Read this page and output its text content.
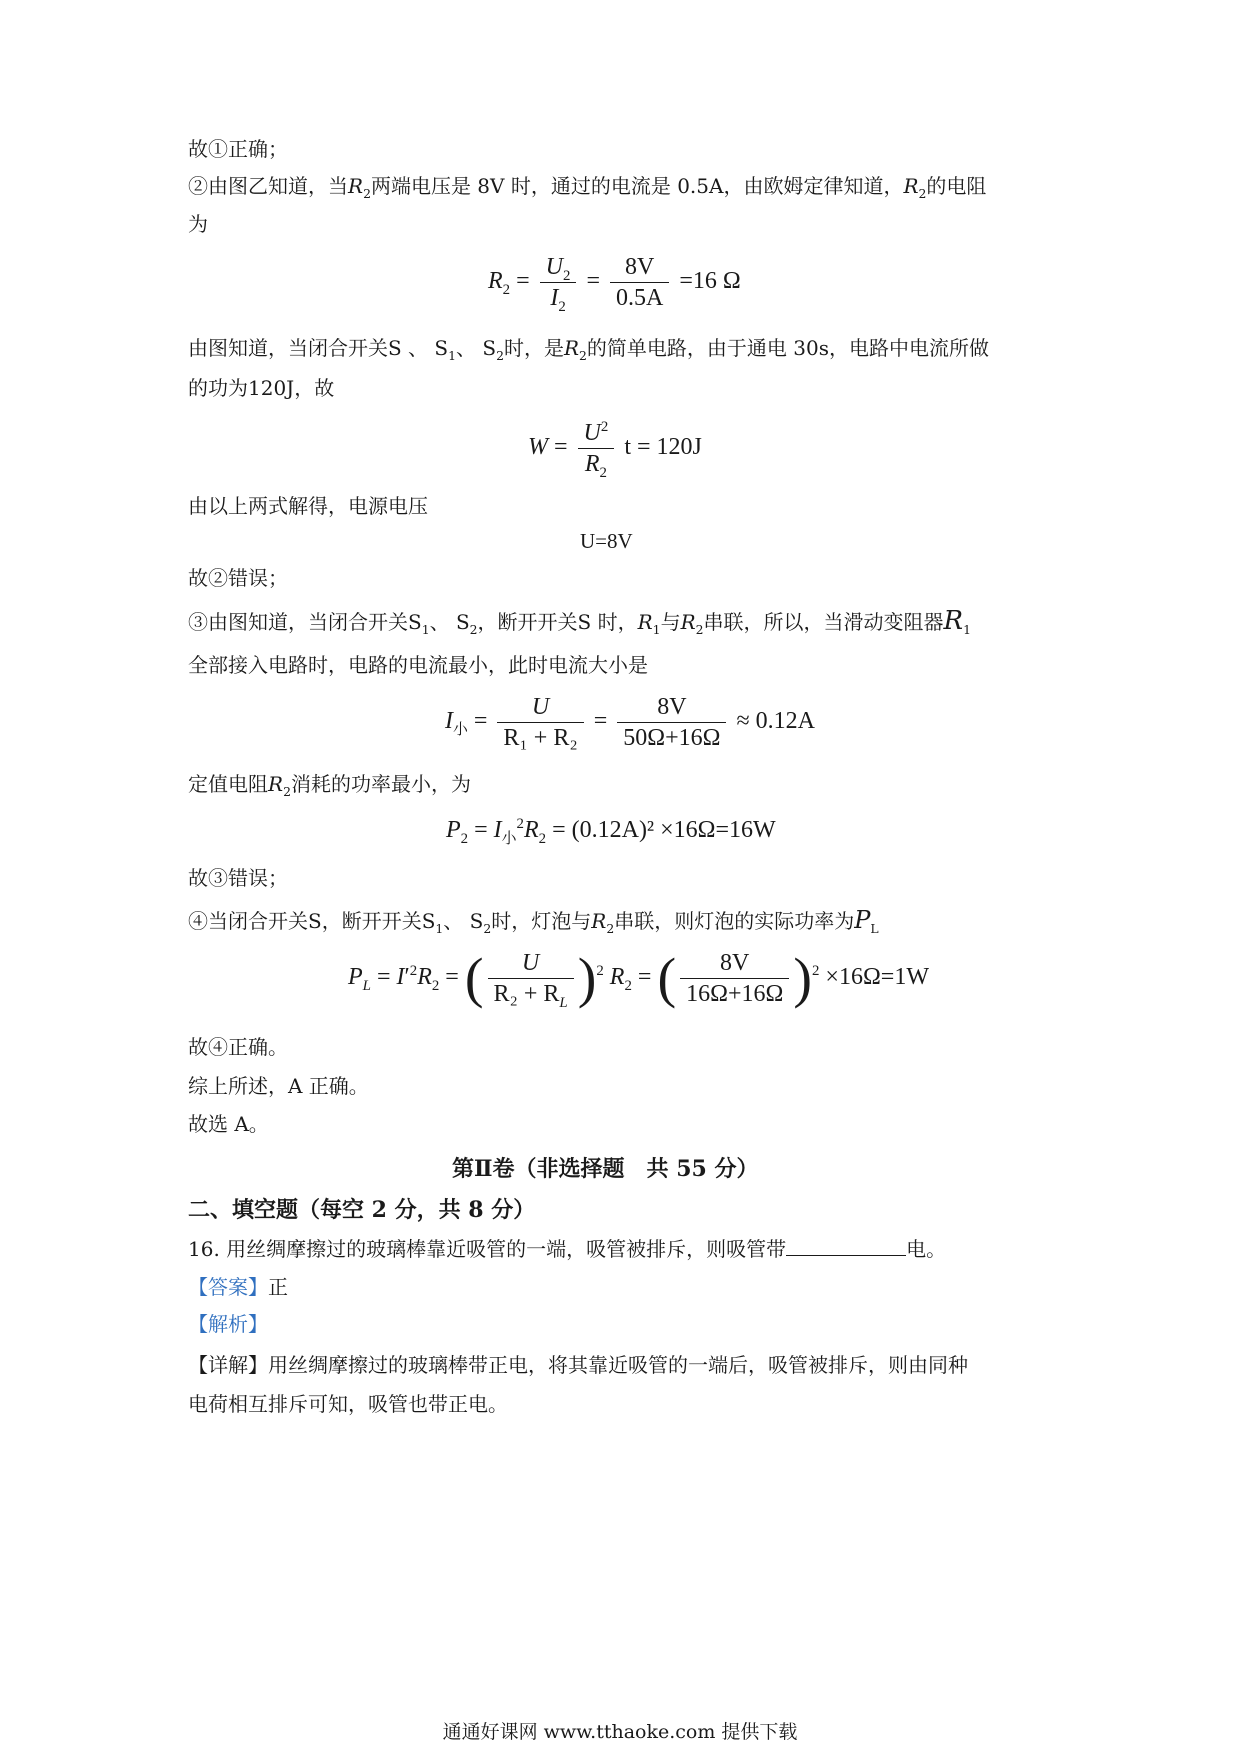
故①正确；
②由图乙知道，当$R_2$两端电压是 8V 时，通过的电流是 0.5A，由欧姆定律知道，$R_2$的电阻
为
$R_2 = \frac{U_2}{I_2} = \frac{8V}{0.5A} =16$ Ω
由图知道，当闭合开关S 、 $S_1$、 $S_2$时，是$R_2$的简单电路，由于通电 30s，电路中电流所做
的功为120J，故
$W = \frac{U^2}{R_2}$ t = 120J
由以上两式解得，电源电压
U=8V
故②错误；
③由图知道，当闭合开关$S_1$、 $S_2$，断开开关S 时，$R_1$与$R_2$串联，所以，当滑动变阻器$R_1$
全部接入电路时，电路的电流最小，此时电流大小是
$I_小 = \frac{U}{\text{R₁ + R₂}} = \frac{8V}{50\Omega+16\Omega} \approx 0.12A$
定值电阻$R_2$消耗的功率最小，为
$P_2 = I_小^2R_2 = (0.12A)^2 \times 16\Omega=16W$
故③错误；
④当闭合开关S，断开开关$S_1$、 $S_2$时，灯泡与$R_2$串联，则灯泡的实际功率为$P_L$
$P_L = I'^2R_2$ = ( $\frac{U}{R_2 + R_L} )^2$ $R_2$ = ( $\frac{8V}{16\Omega+16\Omega} )^2 \times 16\Omega=1W$
故④正确。
综上所述，A 正确。
故选 A。
第Ⅱ卷（非选择题　共 55 分）
二、填空题（每空 2 分，共 8 分）
16. 用丝绸摩擦过的玻璃棒靠近吸管的一端，吸管被排斥，则吸管带	电。
【答案】正
【解析】
【详解】用丝绸摩擦过的玻璃棒带正电，将其靠近吸管的一端后，吸管被排斥，则由同种
电荷相互排斥可知，吸管也带正电。
通通好课网 www.tthaoke.com 提供下载
